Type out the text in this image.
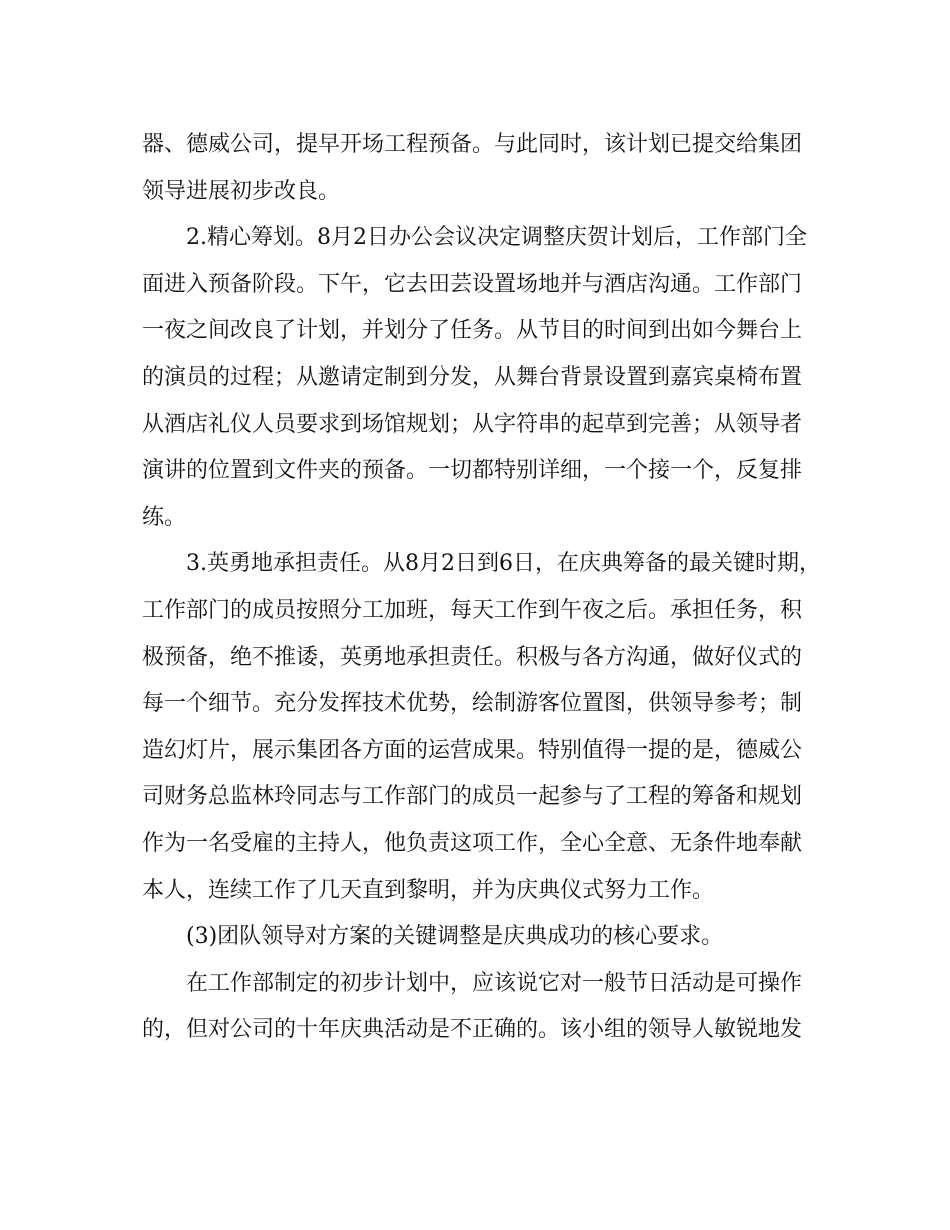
器、德威公司，提早开场工程预备。与此同时，该计划已提交给集团
领导进展初步改良。
2.精心筹划。8月2日办公会议决定调整庆贺计划后，工作部门全
面进入预备阶段。下午，它去田芸设置场地并与酒店沟通。工作部门
一夜之间改良了计划，并划分了任务。从节目的时间到出如今舞台上
的演员的过程；从邀请定制到分发，从舞台背景设置到嘉宾桌椅布置
从酒店礼仪人员要求到场馆规划；从字符串的起草到完善；从领导者
演讲的位置到文件夹的预备。一切都特别详细，一个接一个，反复排
练。
3.英勇地承担责任。从8月2日到6日，在庆典筹备的最关键时期，
工作部门的成员按照分工加班，每天工作到午夜之后。承担任务，积
极预备，绝不推诿，英勇地承担责任。积极与各方沟通，做好仪式的
每一个细节。充分发挥技术优势，绘制游客位置图，供领导参考；制
造幻灯片，展示集团各方面的运营成果。特别值得一提的是，德威公
司财务总监林玲同志与工作部门的成员一起参与了工程的筹备和规划
作为一名受雇的主持人，他负责这项工作，全心全意、无条件地奉献
本人，连续工作了几天直到黎明，并为庆典仪式努力工作。
(3)团队领导对方案的关键调整是庆典成功的核心要求。
在工作部制定的初步计划中，应该说它对一般节日活动是可操作
的，但对公司的十年庆典活动是不正确的。该小组的领导人敏锐地发
